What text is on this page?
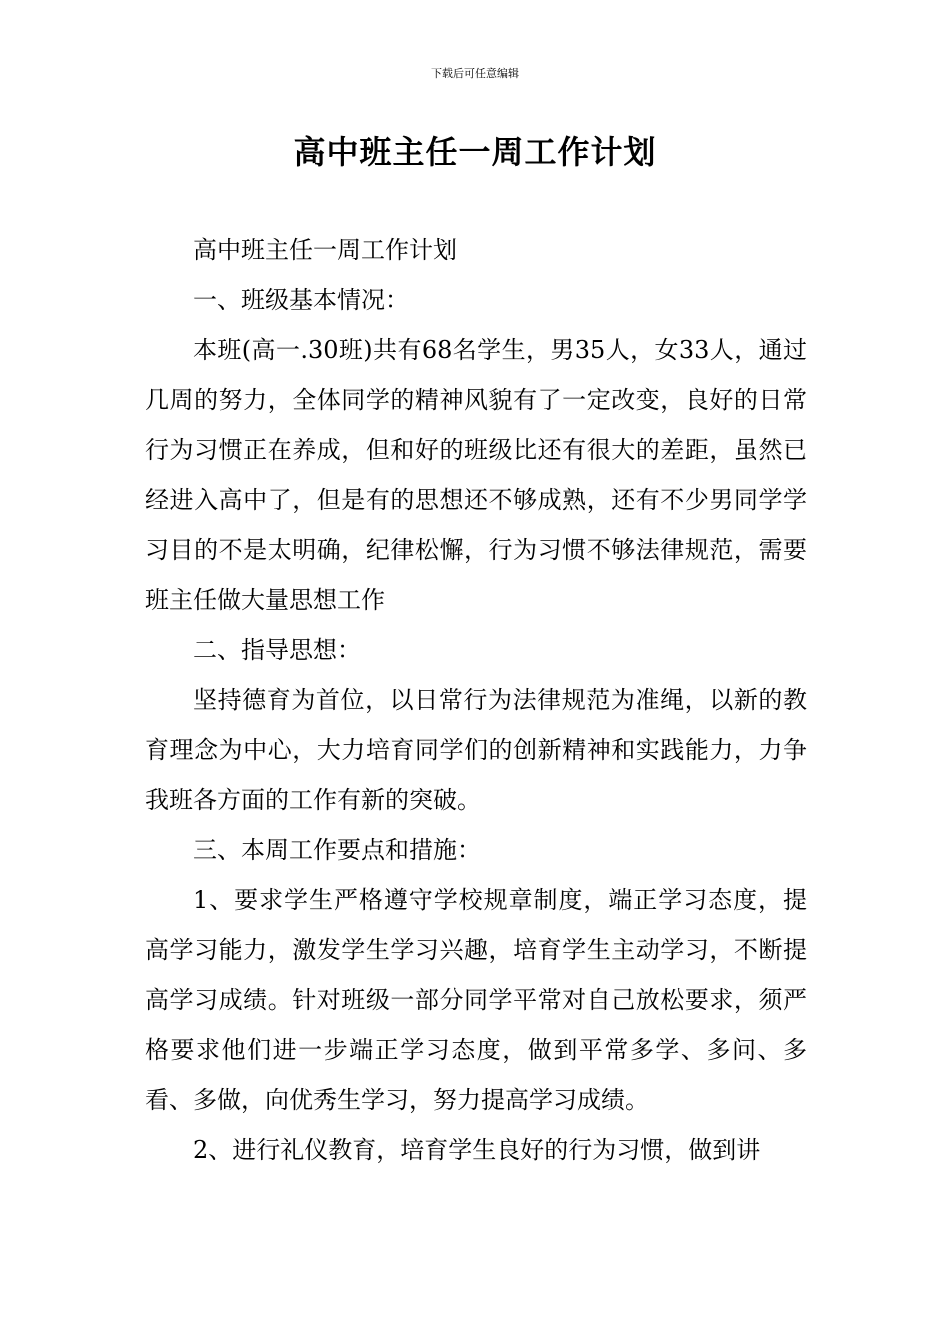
下载后可任意编辑
高中班主任一周工作计划

高中班主任一周工作计划

一、班级基本情况：

本班(高一.30班)共有68名学生，男35人，女33人，通过几周的努力，全体同学的精神风貌有了一定改变，良好的日常行为习惯正在养成，但和好的班级比还有很大的差距，虽然已经进入高中了，但是有的思想还不够成熟，还有不少男同学学习目的不是太明确，纪律松懈，行为习惯不够法律规范，需要班主任做大量思想工作

二、指导思想：

坚持德育为首位，以日常行为法律规范为准绳，以新的教育理念为中心，大力培育同学们的创新精神和实践能力，力争我班各方面的工作有新的突破。

三、本周工作要点和措施：

1、要求学生严格遵守学校规章制度，端正学习态度，提高学习能力，激发学生学习兴趣，培育学生主动学习，不断提高学习成绩。针对班级一部分同学平常对自己放松要求，须严格要求他们进一步端正学习态度，做到平常多学、多问、多看、多做，向优秀生学习，努力提高学习成绩。

2、进行礼仪教育，培育学生良好的行为习惯，做到讲
